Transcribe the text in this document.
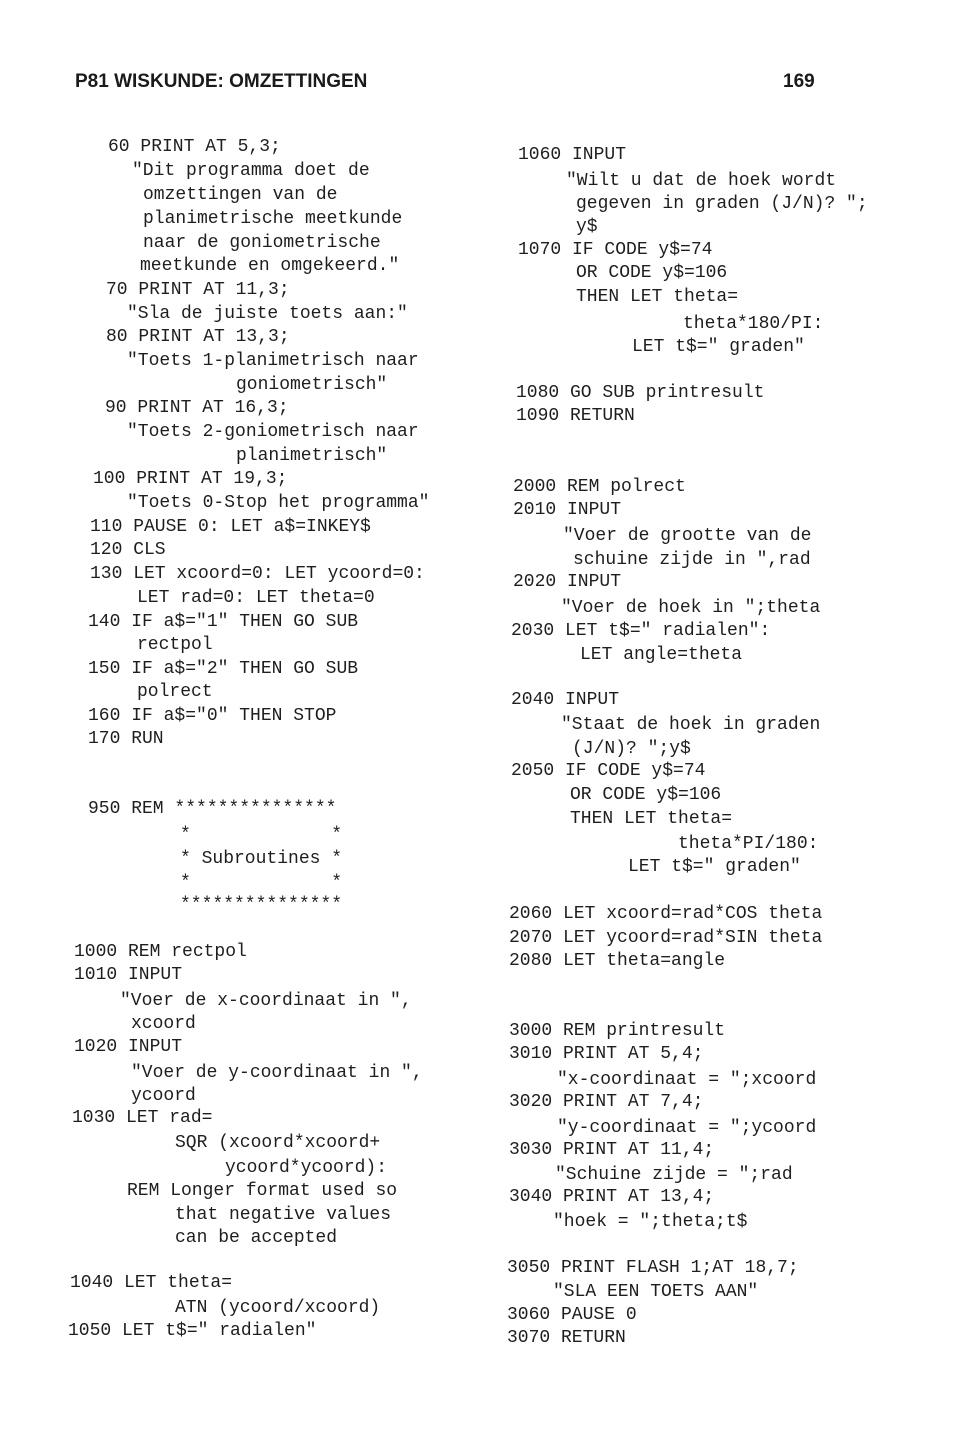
P81 WISKUNDE: OMZETTINGEN	169
60 PRINT AT 5,3;
"Dit programma doet de
omzettingen van de
planimetrische meetkunde
naar de goniometrische
meetkunde en omgekeerd."
70 PRINT AT 11,3;
"Sla de juiste toets aan:"
80 PRINT AT 13,3;
"Toets 1-planimetrisch naar
goniometrisch"
90 PRINT AT 16,3;
"Toets 2-goniometrisch naar
planimetrisch"
100 PRINT AT 19,3;
"Toets 0-Stop het programma"
110 PAUSE 0: LET a$=INKEY$
120 CLS
130 LET xcoord=0: LET ycoord=0:
LET rad=0: LET theta=0
140 IF a$="1" THEN GO SUB
rectpol
150 IF a$="2" THEN GO SUB
polrect
160 IF a$="0" THEN STOP
170 RUN
950 REM ***************
*             *
* Subroutines *
*             *
***************
1000 REM rectpol
1010 INPUT
"Voer de x-coordinaat in ",
xcoord
1020 INPUT
"Voer de y-coordinaat in ",
ycoord
1030 LET rad=
SQR (xcoord*xcoord+
ycoord*ycoord):
REM Longer format used so
that negative values
can be accepted
1040 LET theta=
ATN (ycoord/xcoord)
1050 LET t$=" radialen"
1060 INPUT
"Wilt u dat de hoek wordt
gegeven in graden (J/N)? ";
y$
1070 IF CODE y$=74
OR CODE y$=106
THEN LET theta=
theta*180/PI:
LET t$=" graden"
1080 GO SUB printresult
1090 RETURN
2000 REM polrect
2010 INPUT
"Voer de grootte van de
schuine zijde in ",rad
2020 INPUT
"Voer de hoek in ";theta
2030 LET t$=" radialen":
LET angle=theta
2040 INPUT
"Staat de hoek in graden
(J/N)? ";y$
2050 IF CODE y$=74
OR CODE y$=106
THEN LET theta=
theta*PI/180:
LET t$=" graden"
2060 LET xcoord=rad*COS theta
2070 LET ycoord=rad*SIN theta
2080 LET theta=angle
3000 REM printresult
3010 PRINT AT 5,4;
"x-coordinaat = ";xcoord
3020 PRINT AT 7,4;
"y-coordinaat = ";ycoord
3030 PRINT AT 11,4;
"Schuine zijde = ";rad
3040 PRINT AT 13,4;
"hoek = ";theta;t$
3050 PRINT FLASH 1;AT 18,7;
"SLA EEN TOETS AAN"
3060 PAUSE 0
3070 RETURN
